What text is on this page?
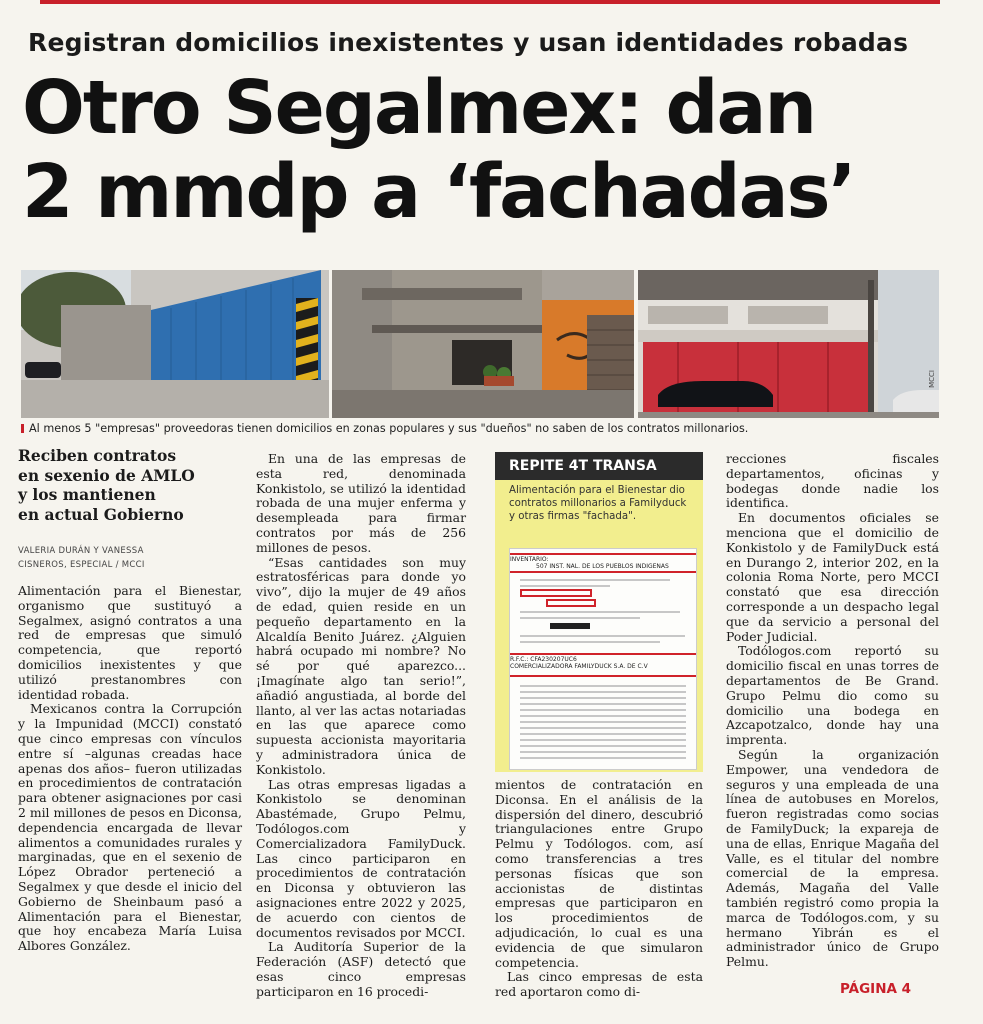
Registran domicilios inexistentes y usan identidades robadas
Otro Segalmex: dan
2 mmdp a ‘fachadas’
MCCI
Al menos 5 "empresas" proveedoras tienen domicilios en zonas populares y sus "dueños" no saben de los contratos millonarios.
Reciben contratos
en sexenio de AMLO
y los mantienen
en actual Gobierno
VALERIA DURÁN Y VANESSA
CISNEROS, ESPECIAL / MCCI

Alimentación para el Bienestar, organismo que sustituyó a Segalmex, asignó contratos a una red de empresas que simuló competencia, que reportó domicilios inexistentes y que utilizó prestanombres con identidad robada.

Mexicanos contra la Corrupción y la Impunidad (MCCI) constató que cinco empresas con vínculos entre sí –algunas creadas hace apenas dos años– fueron utilizadas en procedimientos de contratación para obtener asignaciones por casi 2 mil millones de pesos en Diconsa, dependencia encargada de llevar alimentos a comunidades rurales y marginadas, que en el sexenio de López Obrador perteneció a Segalmex y que desde el inicio del Gobierno de Sheinbaum pasó a Alimentación para el Bienestar, que hoy encabeza María Luisa Albores González.

En una de las empresas de esta red, denominada Konkistolo, se utilizó la identidad robada de una mujer enferma y desempleada para firmar contratos por más de 256 millones de pesos.

“Esas cantidades son muy estratosféricas para donde yo vivo”, dijo la mujer de 49 años de edad, quien reside en un pequeño departamento en la Alcaldía Benito Juárez. ¿Alguien habrá ocupado mi nombre? No sé por qué aparezco... ¡Imagínate algo tan serio!”, añadió angustiada, al borde del llanto, al ver las actas notariadas en las que aparece como supuesta accionista mayoritaria y administradora única de Konkistolo.

Las otras empresas ligadas a Konkistolo se denominan Abastémade, Grupo Pelmu, Todólogos.com y Comercializadora FamilyDuck. Las cinco participaron en procedimientos de contratación en Diconsa y obtuvieron las asignaciones entre 2022 y 2025, de acuerdo con cientos de documentos revisados por MCCI.

La Auditoría Superior de la Federación (ASF) detectó que esas cinco empresas participaron en 16 procedi-

REPITE 4T TRANSA
Alimentación para el Bienestar dio contratos millonarios a Familyduck y otras firmas "fachada".
INVENTARIO:
507 INST. NAL. DE LOS PUEBLOS INDIGENAS
R.F.C.: CFA230207UC6
COMERCIALIZADORA FAMILYDUCK S.A. DE C.V

mientos de contratación en Diconsa. En el análisis de la dispersión del dinero, descubrió triangulaciones entre Grupo Pelmu y Todólogos. com, así como transferencias a tres personas físicas que son accionistas de distintas empresas que participaron en los procedimientos de adjudicación, lo cual es una evidencia de que simularon competencia.

Las cinco empresas de esta red aportaron como di-

recciones fiscales departamentos, oficinas y bodegas donde nadie los identifica.

En documentos oficiales se menciona que el domicilio de Konkistolo y de FamilyDuck está en Durango 2, interior 202, en la colonia Roma Norte, pero MCCI constató que esa dirección corresponde a un despacho legal que da servicio a personal del Poder Judicial.

Todólogos.com reportó su domicilio fiscal en unas torres de departamentos de Be Grand. Grupo Pelmu dio como su domicilio una bodega en Azcapotzalco, donde hay una imprenta.

Según la organización Empower, una vendedora de seguros y una empleada de una línea de autobuses en Morelos, fueron registradas como socias de FamilyDuck; la expareja de una de ellas, Enrique Magaña del Valle, es el titular del nombre comercial de la empresa. Además, Magaña del Valle también registró como propia la marca de Todólogos.com, y su hermano Yibrán es el administrador único de Grupo Pelmu.

PÁGINA 4
